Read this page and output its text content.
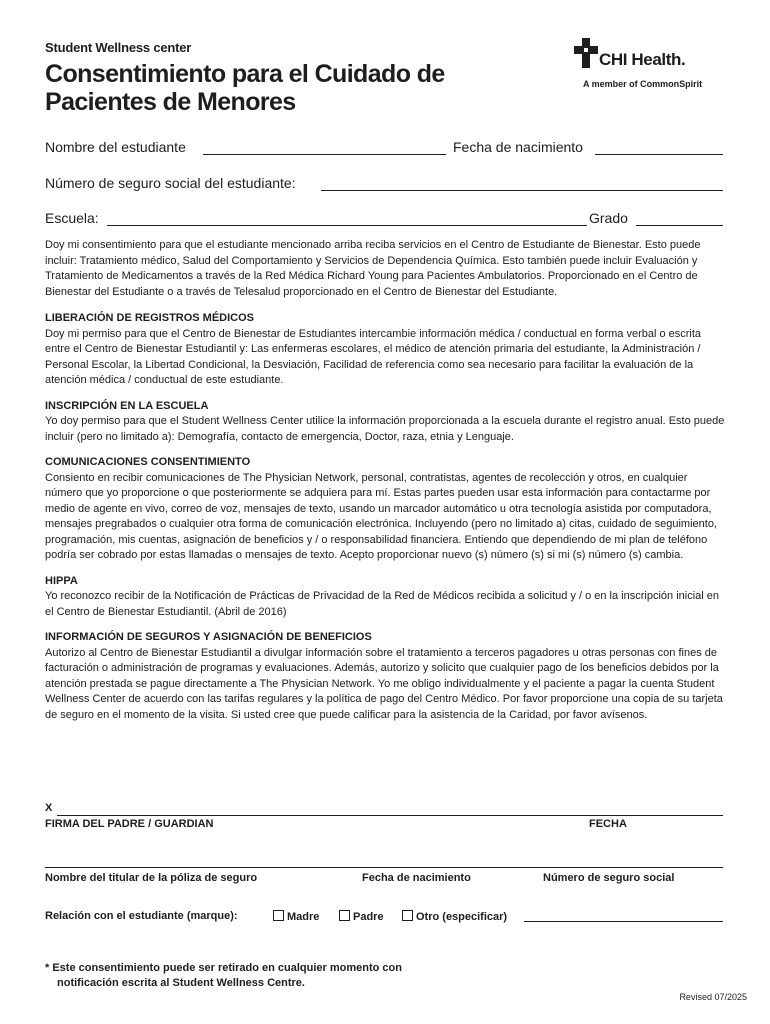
Student Wellness center
Consentimiento para el Cuidado de
Pacientes de Menores
CHI Health.
A member of CommonSpirit
Nombre del estudiante	Fecha de nacimiento
Número de seguro social del estudiante:
Escuela:	Grado

Doy mi consentimiento para que el estudiante mencionado arriba reciba servicios en el Centro de Estudiante de Bienestar. Esto puede incluir: Tratamiento médico, Salud del Comportamiento y Servicios de Dependencia Química. Esto también puede incluir Evaluación y Tratamiento de Medicamentos a través de la Red Médica Richard Young para Pacientes Ambulatorios. Proporcionado en el Centro de Bienestar del Estudiante o a través de Telesalud proporcionado en el Centro de Bienestar del Estudiante.

LIBERACIÓN DE REGISTROS MÉDICOS

Doy mi permiso para que el Centro de Bienestar de Estudiantes intercambie información médica / conductual en forma verbal o escrita entre el Centro de Bienestar Estudiantil y: Las enfermeras escolares, el médico de atención primaria del estudiante, la Administración / Personal Escolar, la Libertad Condicional, la Desviación, Facilidad de referencia como sea necesario para facilitar la evaluación de la atención médica / conductual de este estudiante.

INSCRIPCIÓN EN LA ESCUELA

Yo doy permiso para que el Student Wellness Center utilice la información proporcionada a la escuela durante el registro anual. Esto puede incluir (pero no limitado a): Demografía, contacto de emergencia, Doctor, raza, etnia y Lenguaje.

COMUNICACIONES CONSENTIMIENTO

Consiento en recibir comunicaciones de The Physician Network, personal, contratistas, agentes de recolección y otros, en cualquier número que yo proporcione o que posteriormente se adquiera para mí. Estas partes pueden usar esta información para contactarme por medio de agente en vivo, correo de voz, mensajes de texto, usando un marcador automático u otra tecnología asistida por computadora, mensajes pregrabados o cualquier otra forma de comunicación electrónica. Incluyendo (pero no limitado a) citas, cuidado de seguimiento, programación, mis cuentas, asignación de beneficios y / o responsabilidad financiera. Entiendo que dependiendo de mi plan de teléfono podría ser cobrado por estas llamadas o mensajes de texto. Acepto proporcionar nuevo (s) número (s) si mi (s) número (s) cambia.

HIPPA

Yo reconozco recibir de la Notificación de Prácticas de Privacidad de la Red de Médicos recibida a solicitud y / o en la inscripción inicial en el Centro de Bienestar Estudiantil. (Abril de 2016)

INFORMACIÓN DE SEGUROS Y ASIGNACIÓN DE BENEFICIOS

Autorizo al Centro de Bienestar Estudiantil a divulgar información sobre el tratamiento a terceros pagadores u otras personas con fines de facturación o administración de programas y evaluaciones. Además, autorizo y solicito que cualquier pago de los beneficios debidos por la atención prestada se pague directamente a The Physician Network. Yo me obligo individualmente y el paciente a pagar la cuenta Student Wellness Center de acuerdo con las tarifas regulares y la política de pago del Centro Médico. Por favor proporcione una copia de su tarjeta de seguro en el momento de la visita. Si usted cree que puede calificar para la asistencia de la Caridad, por favor avísenos.

X
FIRMA DEL PADRE / GUARDIAN	FECHA
Nombre del titular de la póliza de seguro	Fecha de nacimiento	Número de seguro social
Relación con el estudiante (marque):	Madre	Padre	Otro (especificar)
* Este consentimiento puede ser retirado en cualquier momento con
notificación escrita al Student Wellness Centre.
Revised 07/2025
